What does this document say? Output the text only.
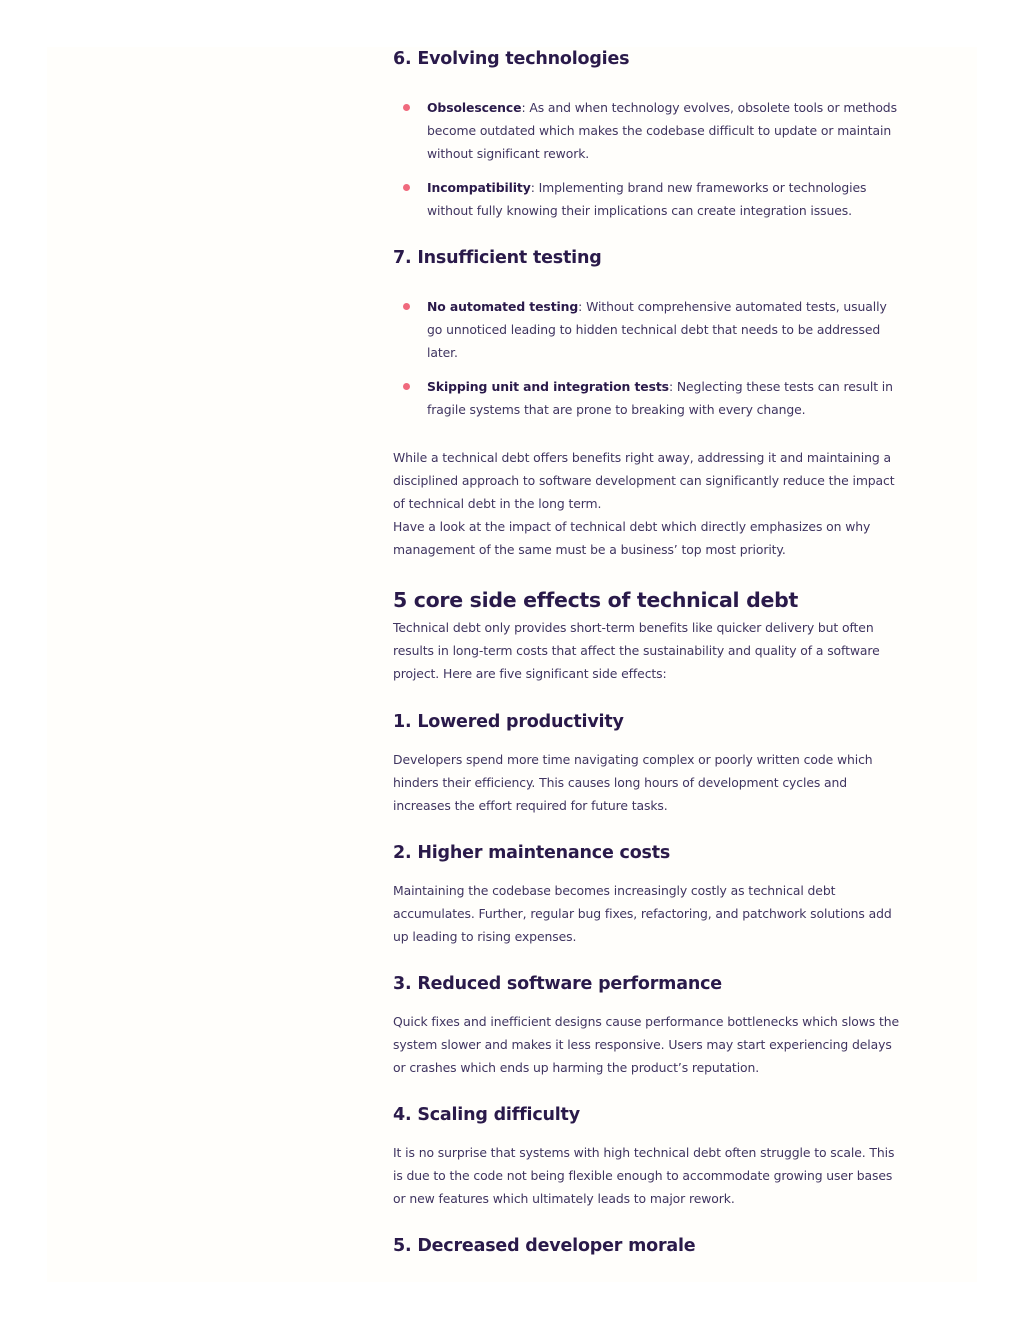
6. Evolving technologies
Obsolescence: As and when technology evolves, obsolete tools or methods become outdated which makes the codebase difficult to update or maintain without significant rework.
Incompatibility: Implementing brand new frameworks or technologies without fully knowing their implications can create integration issues.
7. Insufficient testing
No automated testing: Without comprehensive automated tests, usually go unnoticed leading to hidden technical debt that needs to be addressed later.
Skipping unit and integration tests: Neglecting these tests can result in fragile systems that are prone to breaking with every change.

While a technical debt offers benefits right away, addressing it and maintaining a disciplined approach to software development can significantly reduce the impact of technical debt in the long term.

Have a look at the impact of technical debt which directly emphasizes on why management of the same must be a business’ top most priority.

5 core side effects of technical debt

Technical debt only provides short-term benefits like quicker delivery but often results in long-term costs that affect the sustainability and quality of a software project. Here are five significant side effects:

1. Lowered productivity

Developers spend more time navigating complex or poorly written code which hinders their efficiency. This causes long hours of development cycles and increases the effort required for future tasks.

2. Higher maintenance costs

Maintaining the codebase becomes increasingly costly as technical debt accumulates. Further, regular bug fixes, refactoring, and patchwork solutions add up leading to rising expenses.

3. Reduced software performance

Quick fixes and inefficient designs cause performance bottlenecks which slows the system slower and makes it less responsive. Users may start experiencing delays or crashes which ends up harming the product’s reputation.

4. Scaling difficulty

It is no surprise that systems with high technical debt often struggle to scale. This is due to the code not being flexible enough to accommodate growing user bases or new features which ultimately leads to major rework.

5. Decreased developer morale
